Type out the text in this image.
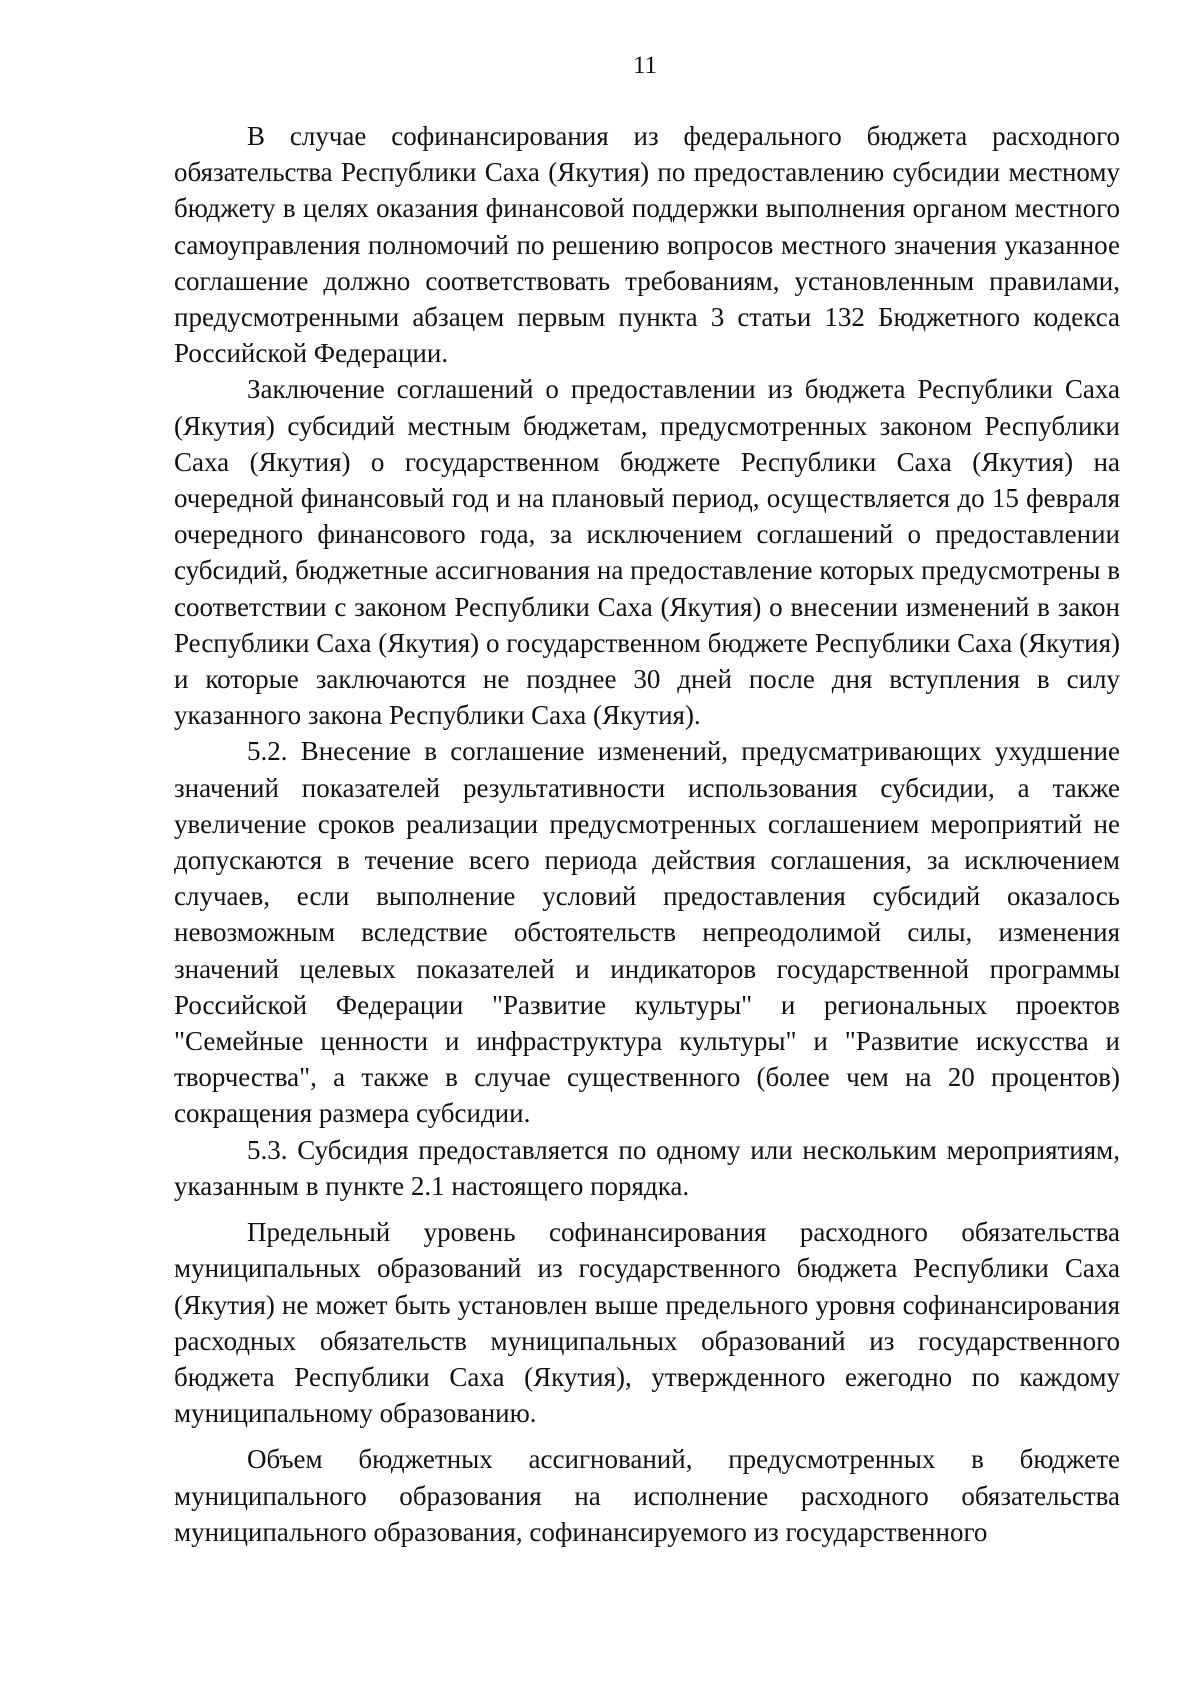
11

В случае софинансирования из федерального бюджета расходного обязательства Республики Саха (Якутия) по предоставлению субсидии местному бюджету в целях оказания финансовой поддержки выполнения органом местного самоуправления полномочий по решению вопросов местного значения указанное соглашение должно соответствовать требованиям, установленным правилами, предусмотренными абзацем первым пункта 3 статьи 132 Бюджетного кодекса Российской Федерации.

Заключение соглашений о предоставлении из бюджета Республики Саха (Якутия) субсидий местным бюджетам, предусмотренных законом Республики Саха (Якутия) о государственном бюджете Республики Саха (Якутия) на очередной финансовый год и на плановый период, осуществляется до 15 февраля очередного финансового года, за исключением соглашений о предоставлении субсидий, бюджетные ассигнования на предоставление которых предусмотрены в соответствии с законом Республики Саха (Якутия) о внесении изменений в закон Республики Саха (Якутия) о государственном бюджете Республики Саха (Якутия) и которые заключаются не позднее 30 дней после дня вступления в силу указанного закона Республики Саха (Якутия).

5.2. Внесение в соглашение изменений, предусматривающих ухудшение значений показателей результативности использования субсидии, а также увеличение сроков реализации предусмотренных соглашением мероприятий не допускаются в течение всего периода действия соглашения, за исключением случаев, если выполнение условий предоставления субсидий оказалось невозможным вследствие обстоятельств непреодолимой силы, изменения значений целевых показателей и индикаторов государственной программы Российской Федерации "Развитие культуры" и региональных проектов "Семейные ценности и инфраструктура культуры" и "Развитие искусства и творчества", а также в случае существенного (более чем на 20 процентов) сокращения размера субсидии.

5.3. Субсидия предоставляется по одному или нескольким мероприятиям, указанным в пункте 2.1 настоящего порядка.

Предельный уровень софинансирования расходного обязательства муниципальных образований из государственного бюджета Республики Саха (Якутия) не может быть установлен выше предельного уровня софинансирования расходных обязательств муниципальных образований из государственного бюджета Республики Саха (Якутия), утвержденного ежегодно по каждому муниципальному образованию.

Объем бюджетных ассигнований, предусмотренных в бюджете муниципального образования на исполнение расходного обязательства муниципального образования, софинансируемого из государственного
